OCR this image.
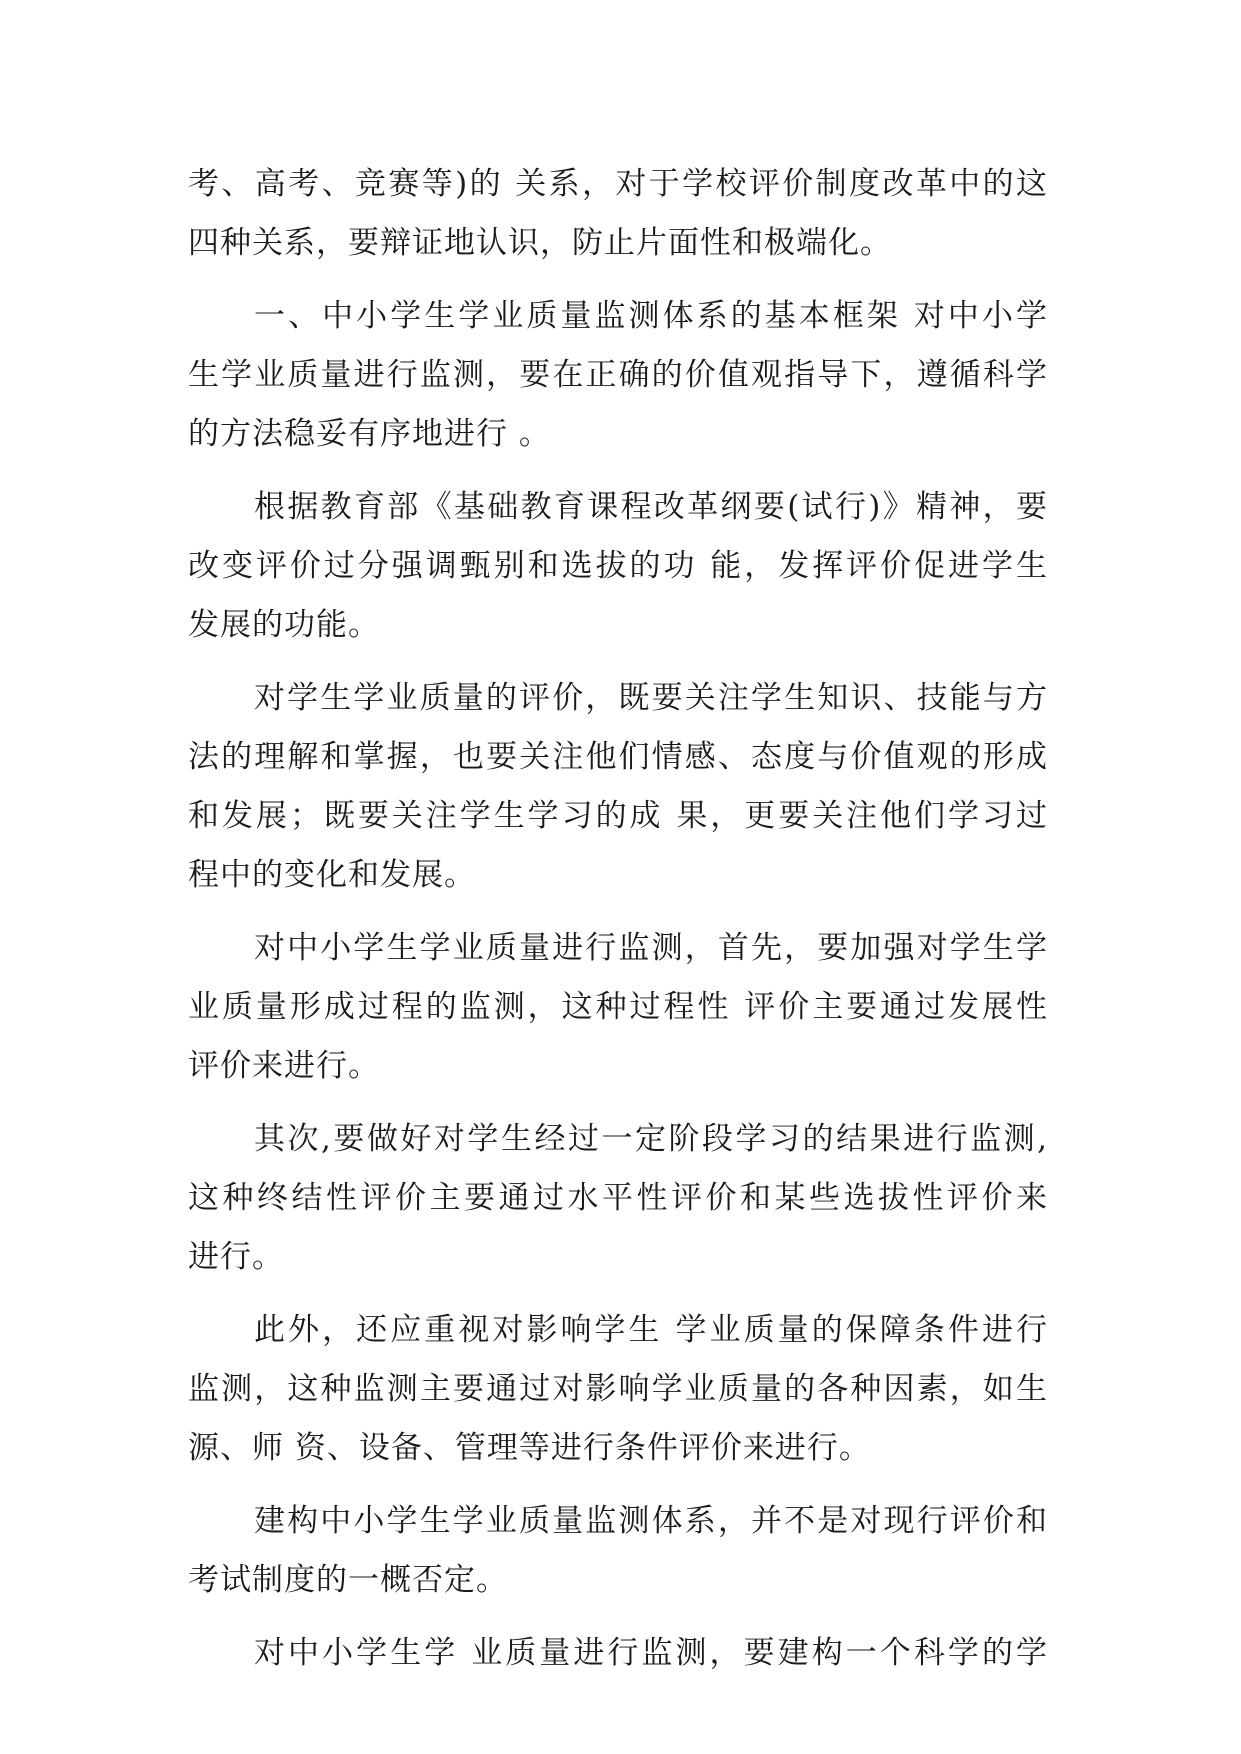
考、高考、竞赛等)的 关系，对于学校评价制度改革中的这
四种关系，要辩证地认识，防止片面性和极端化。
一、中小学生学业质量监测体系的基本框架 对中小学
生学业质量进行监测，要在正确的价值观指导下，遵循科学
的方法稳妥有序地进行 。
根据教育部《基础教育课程改革纲要(试行)》精神，要
改变评价过分强调甄别和选拔的功 能，发挥评价促进学生
发展的功能。
对学生学业质量的评价，既要关注学生知识、技能与方
法的理解和掌握，也要关注他们情感、态度与价值观的形成
和发展；既要关注学生学习的成 果，更要关注他们学习过
程中的变化和发展。
对中小学生学业质量进行监测，首先，要加强对学生学
业质量形成过程的监测，这种过程性 评价主要通过发展性
评价来进行。
其次,要做好对学生经过一定阶段学习的结果进行监测,
这种终结性评价主要通过水平性评价和某些选拔性评价来
进行。
此外，还应重视对影响学生 学业质量的保障条件进行
监测，这种监测主要通过对影响学业质量的各种因素，如生
源、师 资、设备、管理等进行条件评价来进行。
建构中小学生学业质量监测体系，并不是对现行评价和
考试制度的一概否定。
对中小学生学 业质量进行监测，要建构一个科学的学
